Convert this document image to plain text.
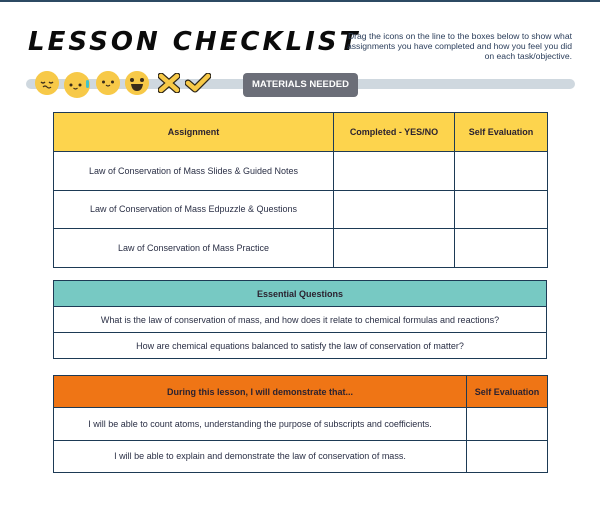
LESSON CHECKLIST
Drag the icons on the line to the boxes below to show what assignments you have completed and how you feel you did on each task/objective.
MATERIALS NEEDED
Assignment	Completed - YES/NO	Self Evaluation
Law of Conservation of Mass Slides & Guided Notes		
Law of Conservation of Mass Edpuzzle & Questions		
Law of Conservation of Mass Practice		
Essential Questions
What is the law of conservation of mass, and how does it relate to chemical formulas and reactions?
How are chemical equations balanced to satisfy the law of conservation of matter?
During this lesson, I will demonstrate that...	Self Evaluation
I will be able to count atoms, understanding the purpose of subscripts and coefficients.	
I will be able to explain and demonstrate the law of conservation of mass.	
